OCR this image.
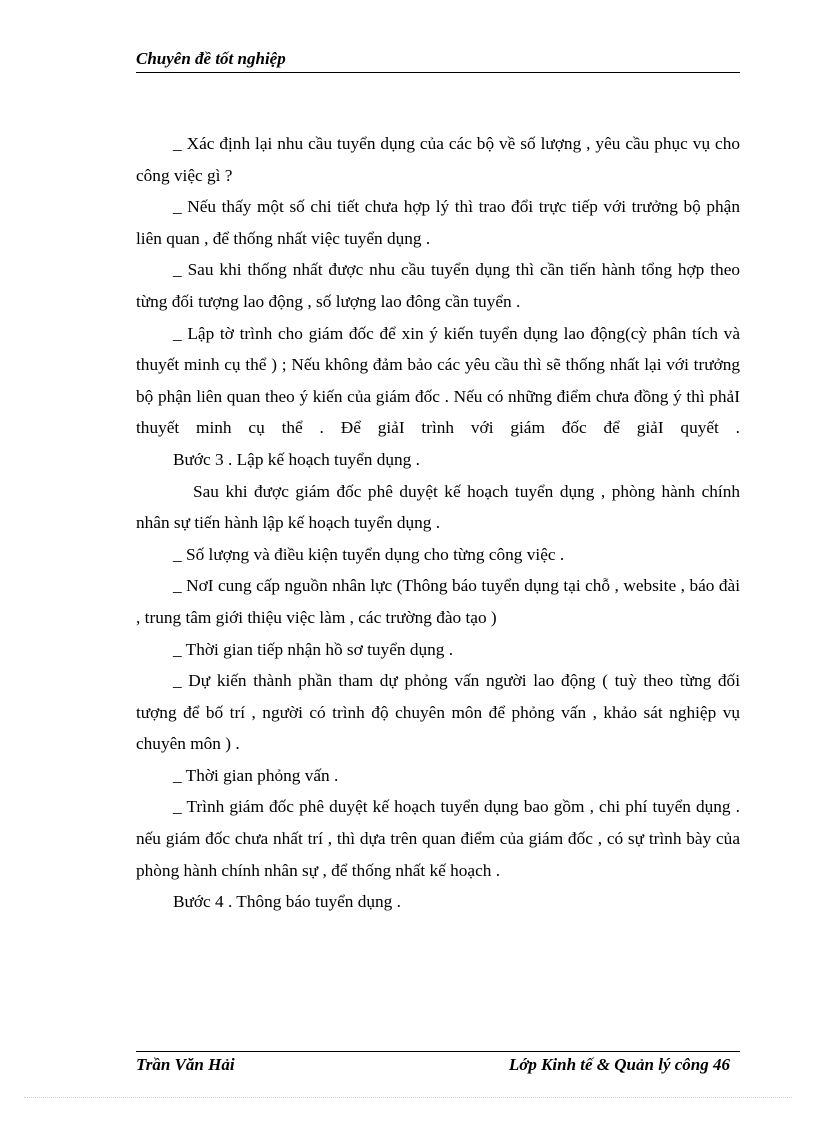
Chuyên đề tốt nghiệp

_ Xác định lại nhu cầu tuyển dụng của các bộ về số lượng , yêu cầu phục vụ cho công việc gì ?

_ Nếu thấy một số chi tiết chưa hợp lý thì trao đổi trực tiếp với trưởng bộ phận liên quan , để thống nhất việc tuyển dụng .

_ Sau khi thống nhất được nhu cầu tuyển dụng thì cần tiến hành tổng hợp theo từng đối tượng lao động , số lượng lao đông cần tuyển .

_ Lập tờ trình cho giám đốc để xin ý kiến tuyển dụng lao động(cỳ phân tích và thuyết minh cụ thể ) ; Nếu không đảm bảo các yêu cầu thì sẽ thống nhất lại với trưởng bộ phận liên quan theo ý kiến của giám đốc . Nếu có những điểm chưa đồng ý thì phảI thuyết minh cụ thể . Để giảI trình với giám đốc để giảI quyết .

Bước 3 . Lập kế hoạch tuyển dụng .

Sau khi được giám đốc phê duyệt kế hoạch tuyển dụng , phòng hành chính nhân sự tiến hành lập kế hoạch tuyển dụng .

_ Số lượng và điều kiện tuyển dụng cho từng công việc .

_ NơI cung cấp nguồn nhân lực (Thông báo tuyển dụng tại chỗ , website , báo đài , trung tâm giới thiệu việc làm , các trường đào tạo )

_ Thời gian tiếp nhận hồ sơ tuyển dụng .

_ Dự kiến thành phần tham dự phỏng vấn người lao động ( tuỳ theo từng đối tượng để bố trí , người có trình độ chuyên môn để phỏng vấn , khảo sát nghiệp vụ chuyên môn ) .

_ Thời gian phỏng vấn .

_ Trình giám đốc phê duyệt kế hoạch tuyển dụng bao gồm , chi phí tuyển dụng . nếu giám đốc chưa nhất trí , thì dựa trên quan điểm của giám đốc , có sự trình bày của phòng hành chính nhân sự , để thống nhất kế hoạch .

Bước 4 . Thông báo tuyển dụng .

Trần Văn Hải	Lớp Kinh tế & Quản lý công 46
